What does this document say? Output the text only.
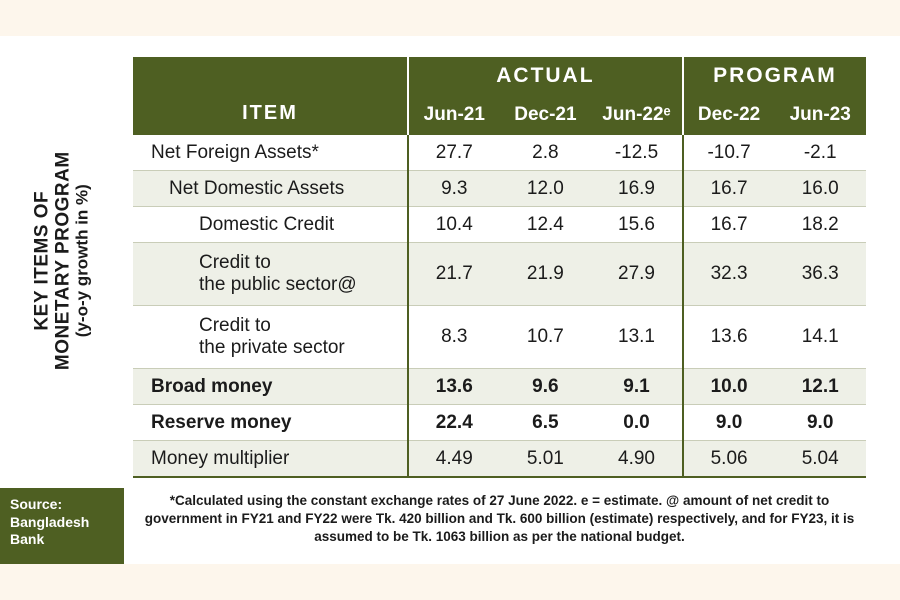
KEY ITEMS OF MONETARY PROGRAM (y-o-y growth in %)
Source:
Bangladesh
Bank
ITEM	ACTUAL			PROGRAM	
	Jun-21	Dec-21	Jun-22ᵉ	Dec-22	Jun-23
Net Foreign Assets*	27.7	2.8	-12.5	-10.7	-2.1
Net Domestic Assets	9.3	12.0	16.9	16.7	16.0
Domestic Credit	10.4	12.4	15.6	16.7	18.2

Credit to
the public sector@	21.7	21.9	27.9	32.3	36.3

Credit to
the private sector	8.3	10.7	13.1	13.6	14.1
Broad money	13.6	9.6	9.1	10.0	12.1
Reserve money	22.4	6.5	0.0	9.0	9.0
Money multiplier	4.49	5.01	4.90	5.06	5.04
*Calculated using the constant exchange rates of 27 June 2022. e = estimate. @ amount of net credit to government in FY21 and FY22 were Tk. 420 billion and Tk. 600 billion (estimate) respectively, and for FY23, it is assumed to be Tk. 1063 billion as per the national budget.
